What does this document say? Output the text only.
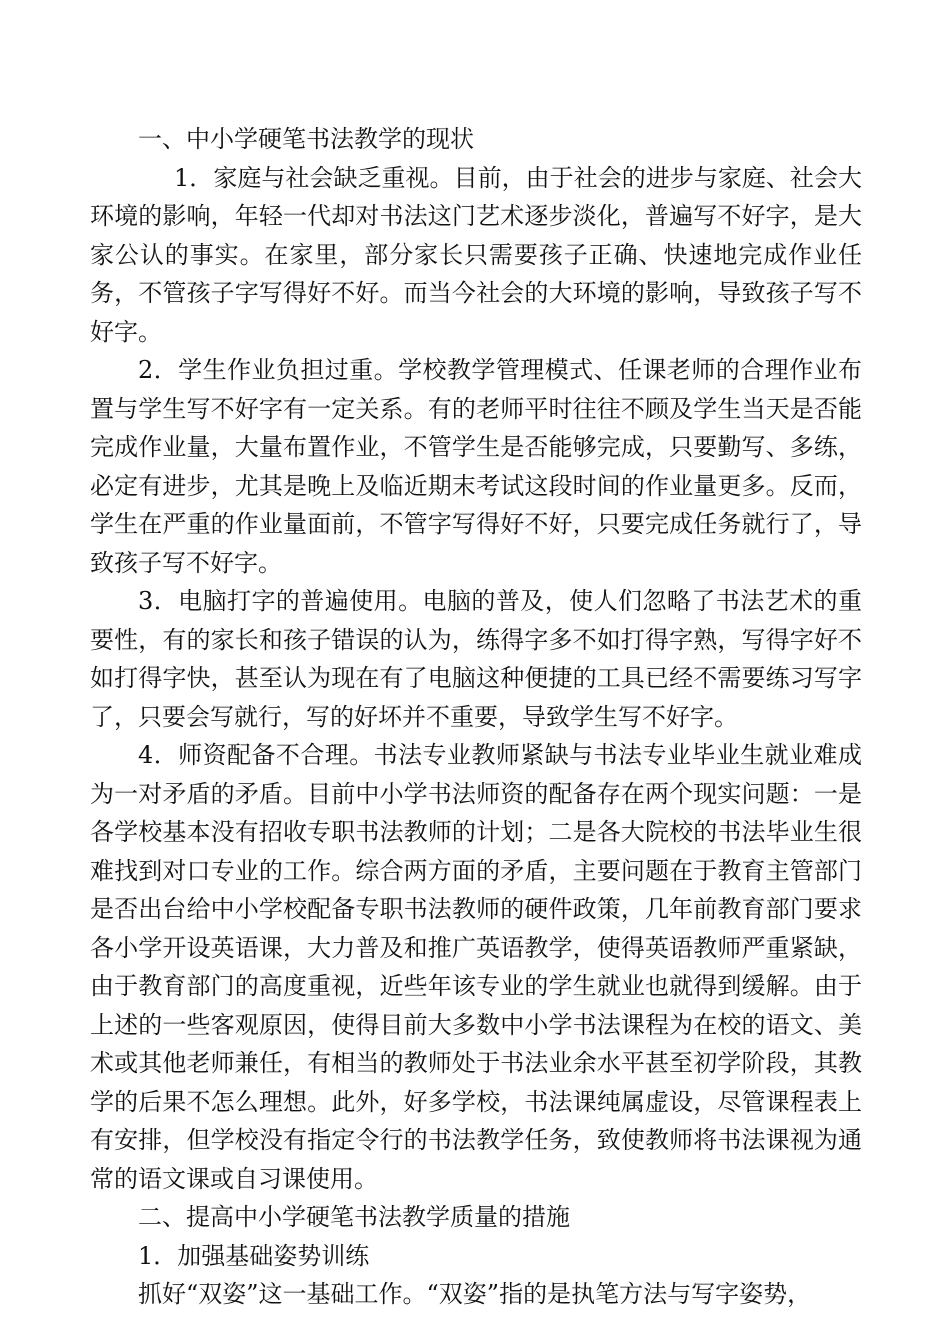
一、中小学硬笔书法教学的现状

1．家庭与社会缺乏重视。目前，由于社会的进步与家庭、社会大环境的影响，年轻一代却对书法这门艺术逐步淡化，普遍写不好字，是大家公认的事实。在家里，部分家长只需要孩子正确、快速地完成作业任务，不管孩子字写得好不好。而当今社会的大环境的影响，导致孩子写不好字。

2．学生作业负担过重。学校教学管理模式、任课老师的合理作业布置与学生写不好字有一定关系。有的老师平时往往不顾及学生当天是否能完成作业量，大量布置作业，不管学生是否能够完成，只要勤写、多练，必定有进步，尤其是晚上及临近期末考试这段时间的作业量更多。反而，学生在严重的作业量面前，不管字写得好不好，只要完成任务就行了，导致孩子写不好字。

3．电脑打字的普遍使用。电脑的普及，使人们忽略了书法艺术的重要性，有的家长和孩子错误的认为，练得字多不如打得字熟，写得字好不如打得字快，甚至认为现在有了电脑这种便捷的工具已经不需要练习写字了，只要会写就行，写的好坏并不重要，导致学生写不好字。

4．师资配备不合理。书法专业教师紧缺与书法专业毕业生就业难成为一对矛盾的矛盾。目前中小学书法师资的配备存在两个现实问题：一是各学校基本没有招收专职书法教师的计划；二是各大院校的书法毕业生很难找到对口专业的工作。综合两方面的矛盾，主要问题在于教育主管部门是否出台给中小学校配备专职书法教师的硬件政策，几年前教育部门要求各小学开设英语课，大力普及和推广英语教学，使得英语教师严重紧缺，由于教育部门的高度重视，近些年该专业的学生就业也就得到缓解。由于上述的一些客观原因，使得目前大多数中小学书法课程为在校的语文、美术或其他老师兼任，有相当的教师处于书法业余水平甚至初学阶段，其教学的后果不怎么理想。此外，好多学校，书法课纯属虚设，尽管课程表上有安排，但学校没有指定令行的书法教学任务，致使教师将书法课视为通常的语文课或自习课使用。

二、提高中小学硬笔书法教学质量的措施

1．加强基础姿势训练

抓好“双姿”这一基础工作。“双姿”指的是执笔方法与写字姿势，
